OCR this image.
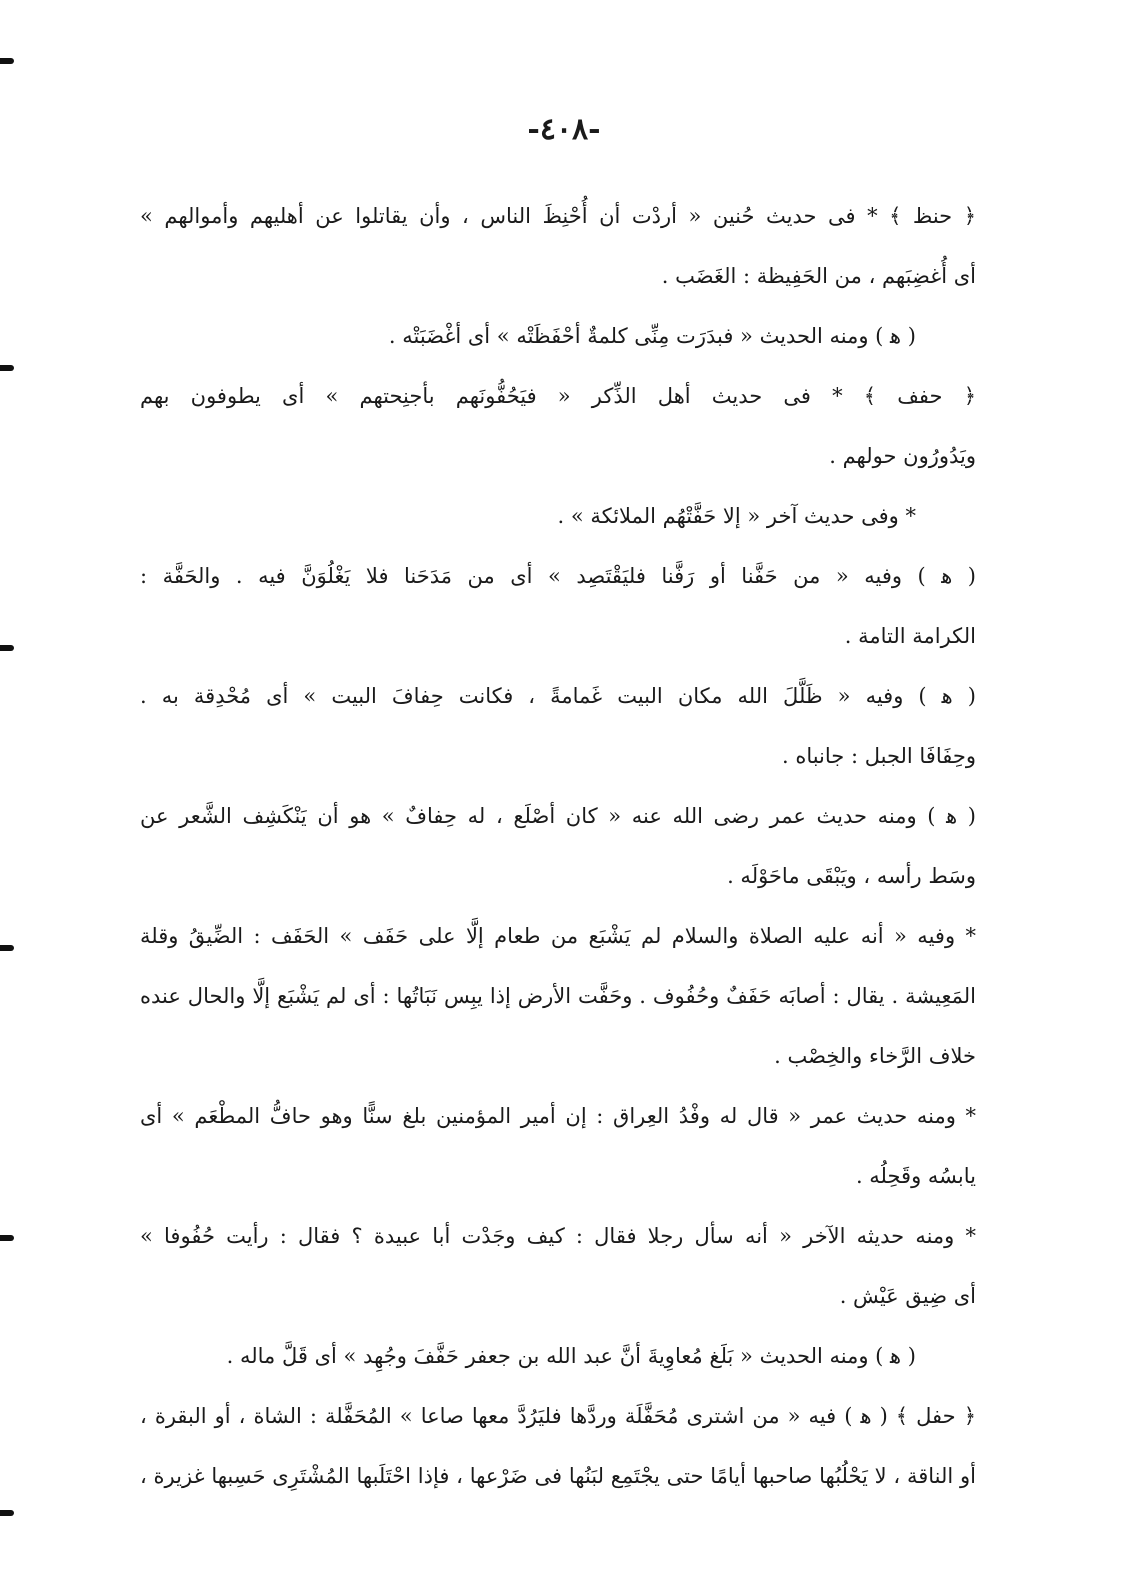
-٤٠٨-
﴿ حنظ ﴾ * فى حديث حُنين « أردْت أن أُحْنِظَ الناس ، وأن يقاتلوا عن أهليهم وأموالهم »
أى أُغضِبَهم ، من الحَفِيظة : الغَضَب .
( ﻫ ) ومنه الحديث « فبدَرَت مِنِّى كلمةٌ أحْفَظَتْه » أى أغْضَبَتْه .
﴿ حفف ﴾ * فى حديث أهل الذِّكر « فيَحُفُّونَهم بأجنِحتهم » أى يطوفون بهم
ويَدُورُون حولهم .
* وفى حديث آخر « إلا حَفَّتْهُم الملائكة » .
( ﻫ ) وفيه « من حَفَّنا أو رَفَّنا فليَقْتَصِد » أى من مَدَحَنا فلا يَغْلُوَنَّ فيه . والحَفَّة :
الكرامة التامة .
( ﻫ ) وفيه « ظَلَّلَ الله مكان البيت غَمامةً ، فكانت حِفافَ البيت » أى مُحْدِقة به .
وحِفَافَا الجبل : جانباه .
( ﻫ ) ومنه حديث عمر رضى الله عنه « كان أصْلَع ، له حِفافٌ » هو أن يَنْكَشِف الشَّعر عن
وسَط رأسه ، ويَبْقَى ماحَوْلَه .
* وفيه « أنه عليه الصلاة والسلام لم يَشْبَع من طعام إلَّا على حَفَف » الحَفَف : الضِّيقُ وقلة
المَعِيشة . يقال : أصابَه حَفَفٌ وحُفُوف . وحَفَّت الأرض إذا يبِس نَبَاتُها : أى لم يَشْبَع إلَّا والحال عنده
خلاف الرَّخاء والخِصْب .
* ومنه حديث عمر « قال له وفْدُ العِراق : إن أمير المؤمنين بلغ سنًّا وهو حافُّ المطْعَم » أى
يابسُه وقَحِلُه .
* ومنه حديثه الآخر « أنه سأل رجلا فقال : كيف وجَدْت أبا عبيدة ؟ فقال : رأيت حُفُوفا »
أى ضِيق عَيْش .
( ﻫ ) ومنه الحديث « بَلَغ مُعاوِيةَ أنَّ عبد الله بن جعفر حَفَّفَ وجُهِد » أى قَلَّ ماله .
﴿ حفل ﴾ ( ﻫ ) فيه « من اشترى مُحَفَّلَة وردَّها فليَرُدَّ معها صاعا » المُحَفَّلة : الشاة ، أو البقرة ،
أو الناقة ، لا يَحْلُبُها صاحبها أيامًا حتى يجْتَمِع لبَنُها فى ضَرْعها ، فإذا احْتَلَبها المُشْتَرِى حَسِبها غزيرة ،
